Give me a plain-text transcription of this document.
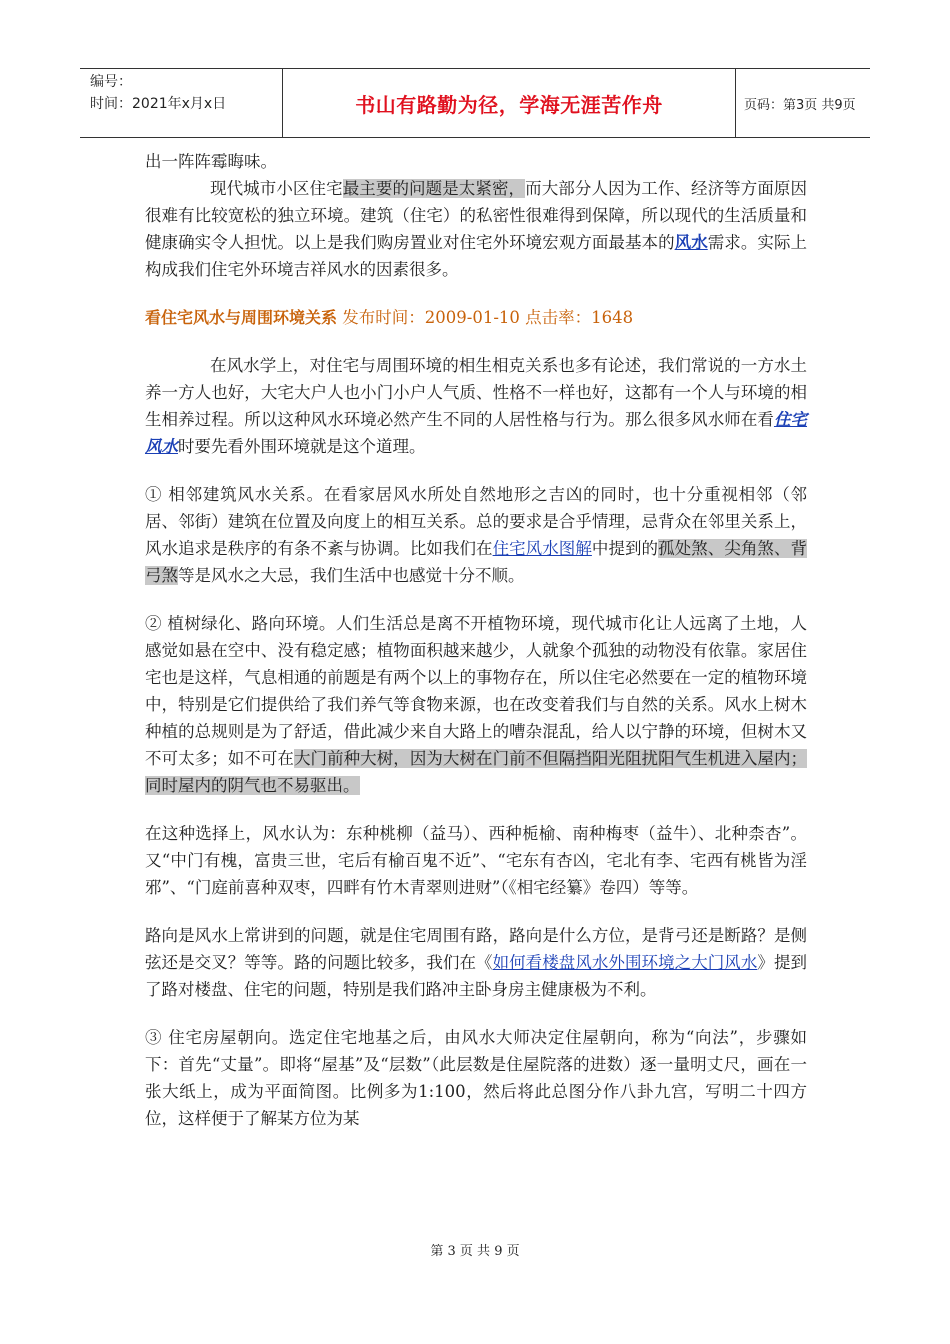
编号：
时间：2021年x月x日	书山有路勤为径，学海无涯苦作舟	页码：第3页 共9页

出一阵阵霉晦味。

现代城市小区住宅最主要的问题是太紧密，而大部分人因为工作、经济等方面原因很难有比较宽松的独立环境。建筑（住宅）的私密性很难得到保障，所以现代的生活质量和健康确实令人担忧。以上是我们购房置业对住宅外环境宏观方面最基本的风水需求。实际上构成我们住宅外环境吉祥风水的因素很多。

看住宅风水与周围环境关系 发布时间：2009-01-10 点击率：1648

在风水学上，对住宅与周围环境的相生相克关系也多有论述，我们常说的一方水土养一方人也好，大宅大户人也小门小户人气质、性格不一样也好，这都有一个人与环境的相生相养过程。所以这种风水环境必然产生不同的人居性格与行为。那么很多风水师在看住宅风水时要先看外围环境就是这个道理。

① 相邻建筑风水关系。在看家居风水所处自然地形之吉凶的同时，也十分重视相邻（邻居、邻街）建筑在位置及向度上的相互关系。总的要求是合乎情理，忌背众在邻里关系上，风水追求是秩序的有条不紊与协调。比如我们在住宅风水图解中提到的孤处煞、尖角煞、背弓煞等是风水之大忌，我们生活中也感觉十分不顺。

② 植树绿化、路向环境。人们生活总是离不开植物环境，现代城市化让人远离了土地，人感觉如悬在空中、没有稳定感；植物面积越来越少，人就象个孤独的动物没有依靠。家居住宅也是这样，气息相通的前题是有两个以上的事物存在，所以住宅必然要在一定的植物环境中，特别是它们提供给了我们养气等食物来源，也在改变着我们与自然的关系。风水上树木种植的总规则是为了舒适，借此减少来自大路上的嘈杂混乱，给人以宁静的环境，但树木又不可太多；如不可在大门前种大树，因为大树在门前不但隔挡阳光阻扰阳气生机进入屋内；同时屋内的阴气也不易驱出。

在这种选择上，风水认为：东种桃柳（益马）、西种栀榆、南种梅枣（益牛）、北种柰杏”。又“中门有槐，富贵三世，宅后有榆百鬼不近”、“宅东有杏凶，宅北有李、宅西有桃皆为淫邪”、“门庭前喜种双枣，四畔有竹木青翠则进财”（《相宅经纂》卷四）等等。

路向是风水上常讲到的问题，就是住宅周围有路，路向是什么方位，是背弓还是断路？是侧弦还是交叉？等等。路的问题比较多，我们在《如何看楼盘风水外围环境之大门风水》提到了路对楼盘、住宅的问题，特别是我们路冲主卧身房主健康极为不利。

③ 住宅房屋朝向。选定住宅地基之后，由风水大师决定住屋朝向，称为“向法”，步骤如下：首先“丈量”。即将“屋基”及“层数”（此层数是住屋院落的进数）逐一量明丈尺，画在一张大纸上，成为平面简图。比例多为1:100，然后将此总图分作八卦九宫，写明二十四方位，这样便于了解某方位为某

第 3 页 共 9 页
